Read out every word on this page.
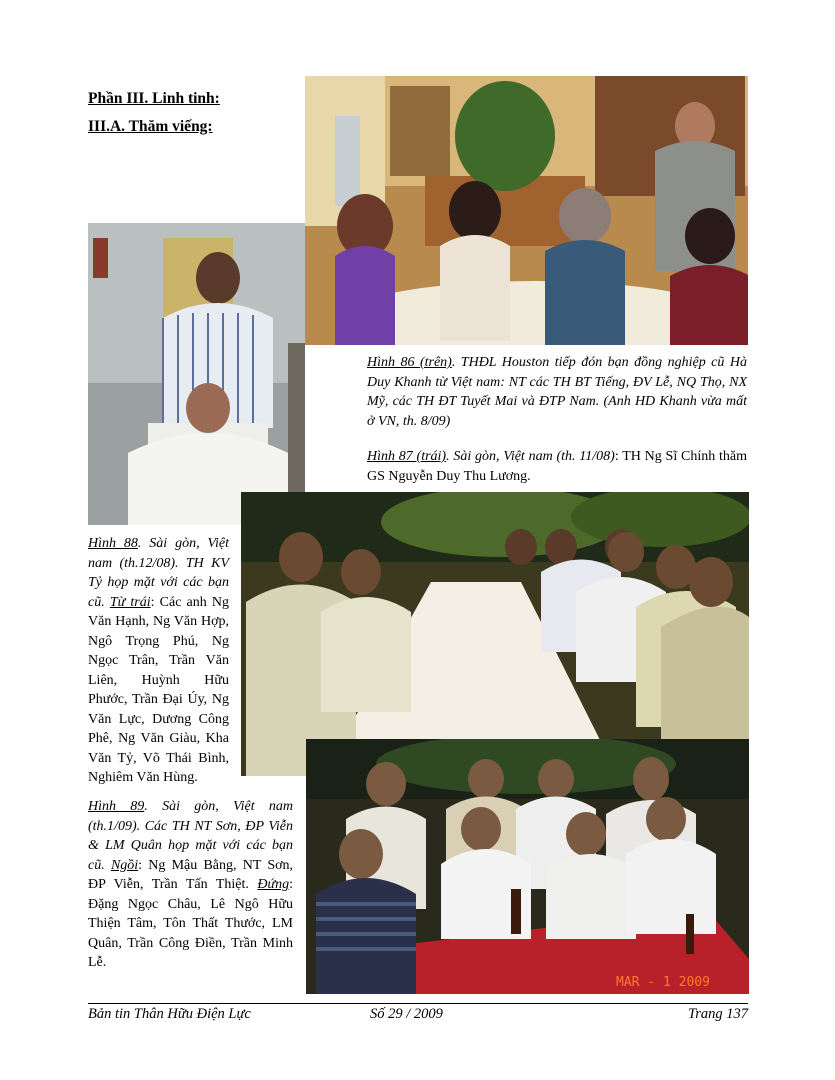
Phần III. Linh tinh:
III.A. Thăm viếng:
Hình 86 (trên). THĐL Houston tiếp đón bạn đồng nghiệp cũ Hà Duy Khanh từ Việt nam: NT các TH BT Tiếng, ĐV Lễ, NQ Thọ, NX Mỹ, các TH ĐT Tuyết Mai và ĐTP Nam. (Anh HD Khanh vừa mất ở VN, th. 8/09)
Hình 87 (trái). Sài gòn, Việt nam (th. 11/08): TH Ng Sĩ Chính thăm GS Nguyễn Duy Thu Lương.
Hình 88. Sài gòn, Việt nam (th.12/08). TH KV Tỷ họp mặt với các bạn cũ. Từ trái: Các anh Ng Văn Hạnh, Ng Văn Hợp, Ngô Trọng Phú, Ng Ngọc Trân, Trần Văn Liên, Huỳnh Hữu Phước, Trần Đại Úy, Ng Văn Lực, Dương Công Phê, Ng Văn Giàu, Kha Văn Tỷ, Võ Thái Bình, Nghiêm Văn Hùng.
MAR - 1 2009
Hình 89. Sài gòn, Việt nam (th.1/09). Các TH NT Sơn, ĐP Viễn & LM Quân họp mặt với các bạn cũ. Ngồi: Ng Mậu Bằng, NT Sơn, ĐP Viễn, Trần Tấn Thiệt. Đứng: Đặng Ngọc Châu, Lê Ngô Hữu Thiện Tâm, Tôn Thất Thước, LM Quân, Trần Công Điền, Trần Minh Lễ.
Bản tin Thân Hữu Điện Lực	Số 29 / 2009	Trang 137
